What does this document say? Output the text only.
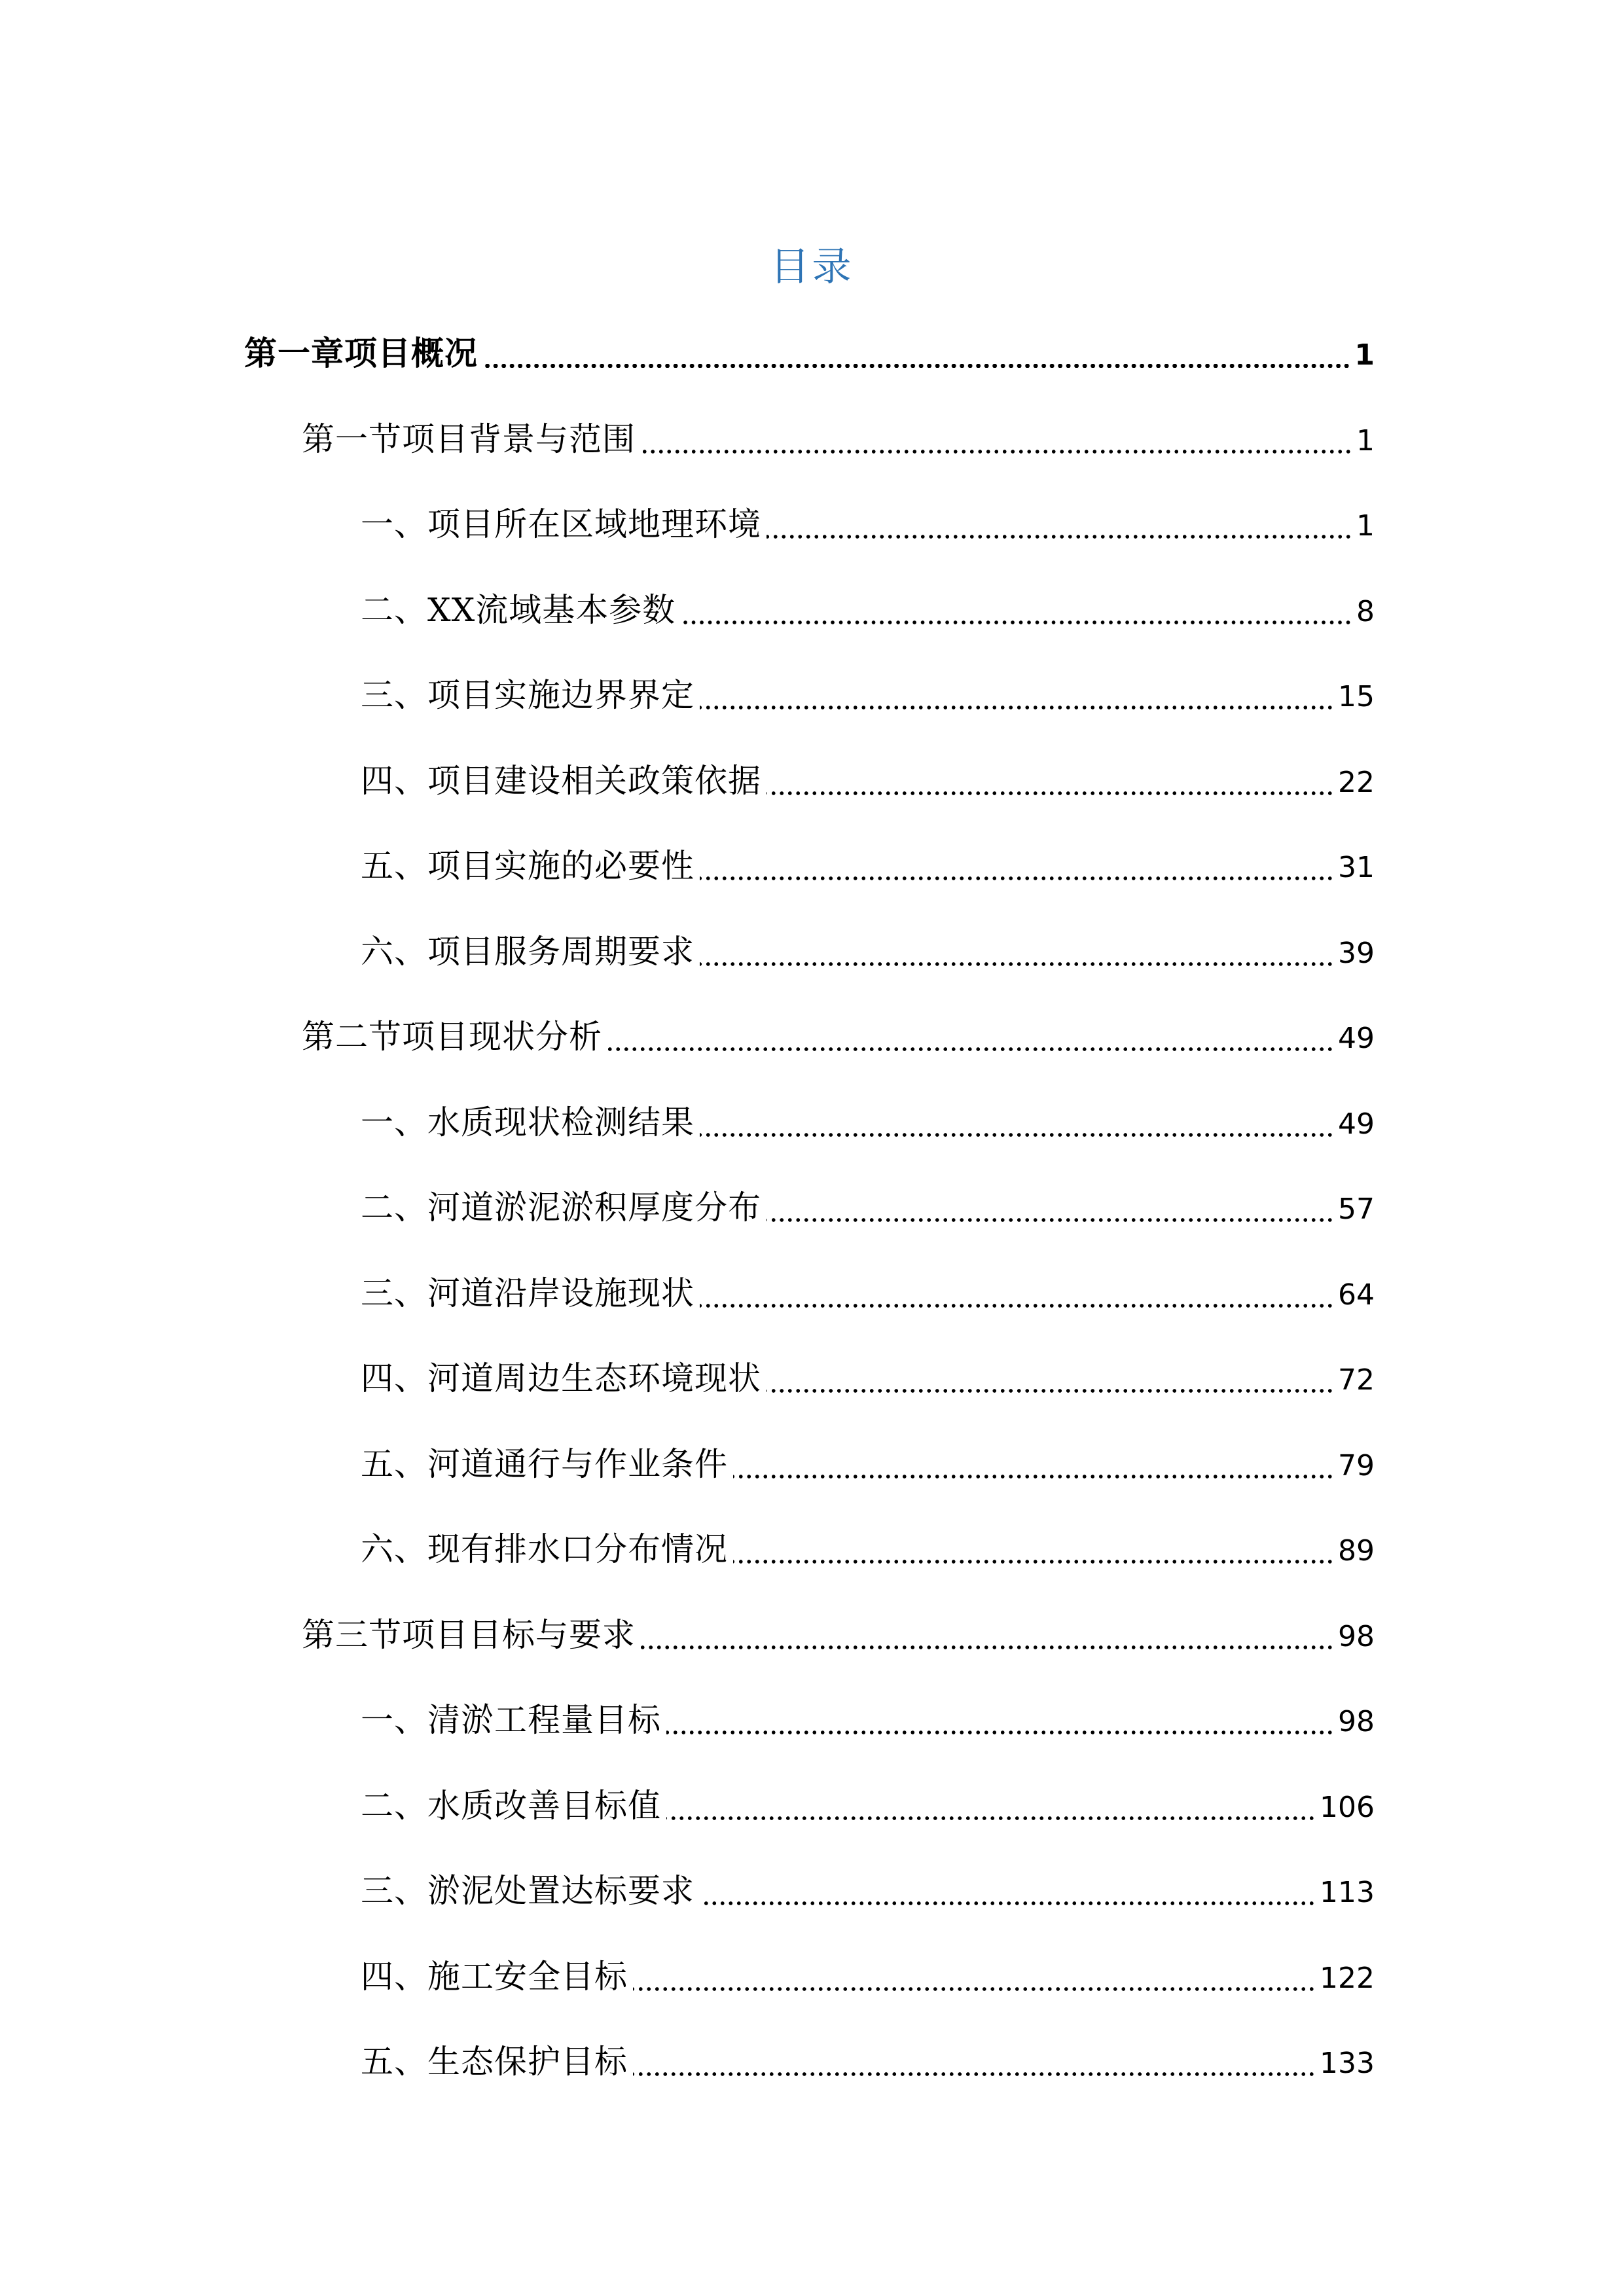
目录
第一章项目概况	1
第一节项目背景与范围	1
一、项目所在区域地理环境	1
二、XX流域基本参数	8
三、项目实施边界界定	15
四、项目建设相关政策依据	22
五、项目实施的必要性	31
六、项目服务周期要求	39
第二节项目现状分析	49
一、水质现状检测结果	49
二、河道淤泥淤积厚度分布	57
三、河道沿岸设施现状	64
四、河道周边生态环境现状	72
五、河道通行与作业条件	79
六、现有排水口分布情况	89
第三节项目目标与要求	98
一、清淤工程量目标	98
二、水质改善目标值	106
三、淤泥处置达标要求	113
四、施工安全目标	122
五、生态保护目标	133
